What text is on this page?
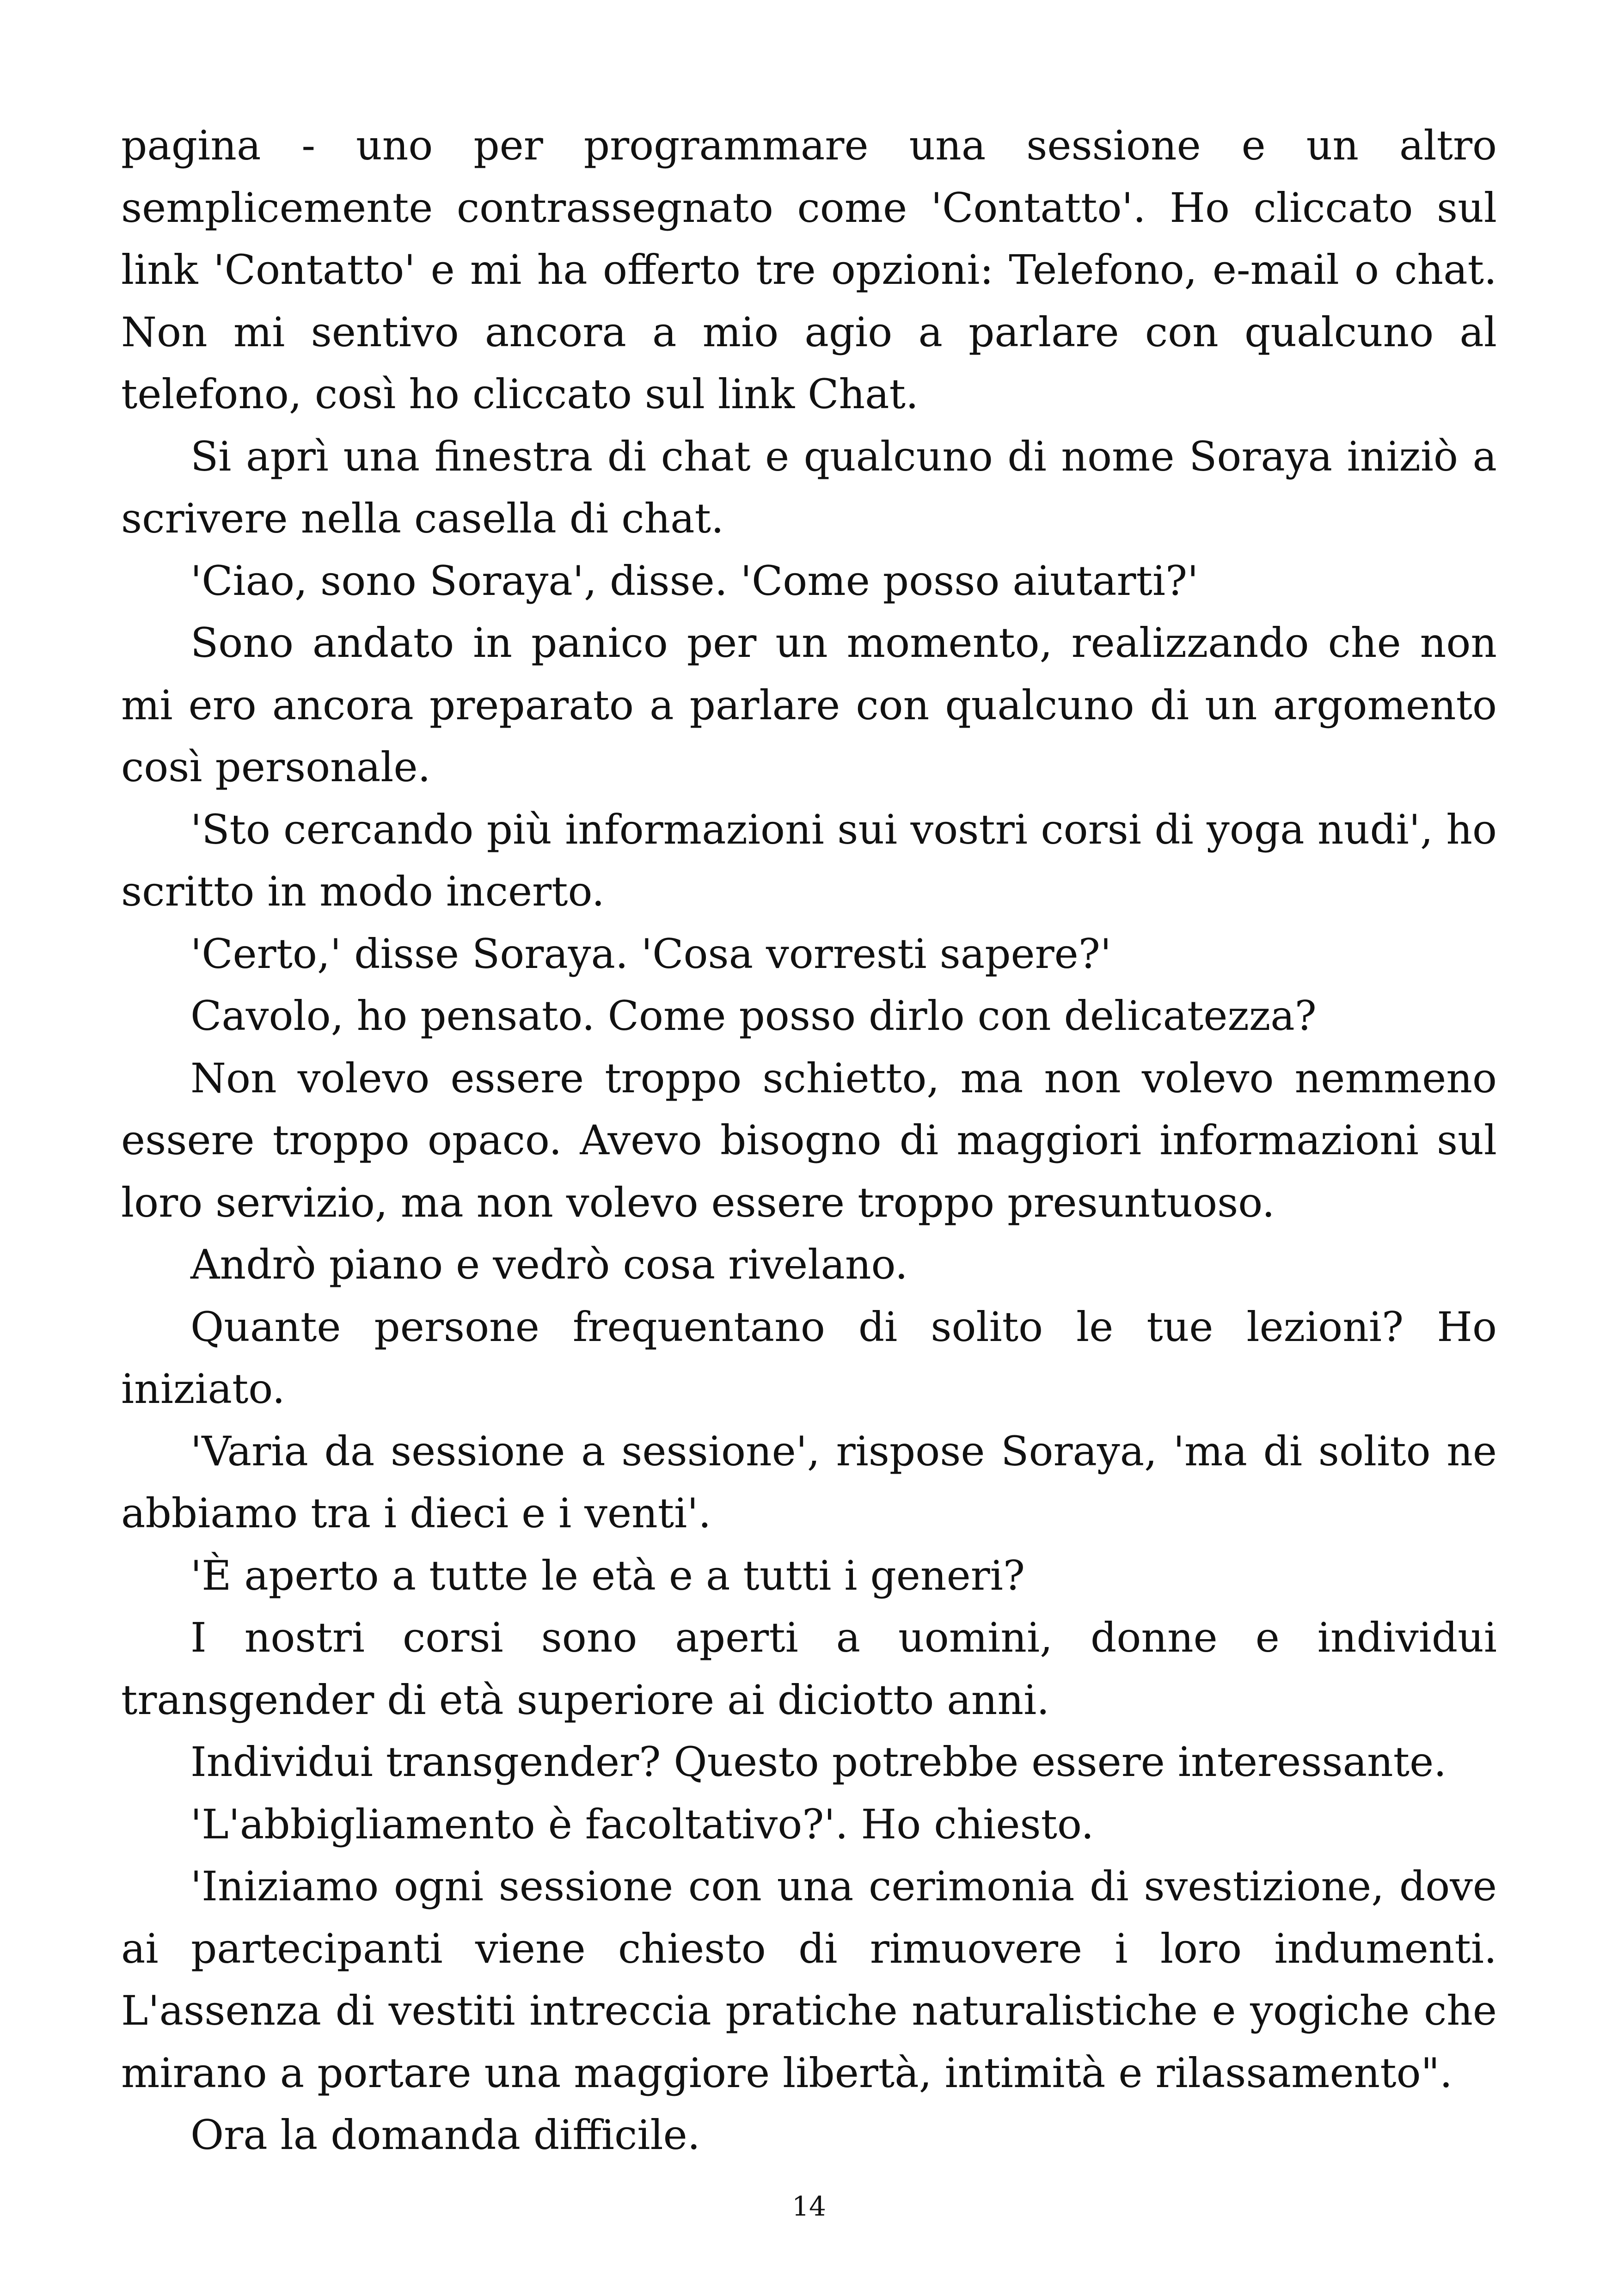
pagina - uno per programmare una sessione e un altro semplicemente contrassegnato come 'Contatto'. Ho cliccato sul link 'Contatto' e mi ha offerto tre opzioni: Telefono, e-mail o chat. Non mi sentivo ancora a mio agio a parlare con qualcuno al telefono, così ho cliccato sul link Chat.

Si aprì una finestra di chat e qualcuno di nome Soraya iniziò a scrivere nella casella di chat.

'Ciao, sono Soraya', disse. 'Come posso aiutarti?'

Sono andato in panico per un momento, realizzando che non mi ero ancora preparato a parlare con qualcuno di un argomento così personale.

'Sto cercando più informazioni sui vostri corsi di yoga nudi', ho scritto in modo incerto.

'Certo,' disse Soraya. 'Cosa vorresti sapere?'

Cavolo, ho pensato. Come posso dirlo con delicatezza?

Non volevo essere troppo schietto, ma non volevo nemmeno essere troppo opaco. Avevo bisogno di maggiori informazioni sul loro servizio, ma non volevo essere troppo presuntuoso.

Andrò piano e vedrò cosa rivelano.

Quante persone frequentano di solito le tue lezioni? Ho iniziato.

'Varia da sessione a sessione', rispose Soraya, 'ma di solito ne abbiamo tra i dieci e i venti'.

'È aperto a tutte le età e a tutti i generi?

I nostri corsi sono aperti a uomini, donne e individui transgender di età superiore ai diciotto anni.

Individui transgender? Questo potrebbe essere interessante.

'L'abbigliamento è facoltativo?'. Ho chiesto.

'Iniziamo ogni sessione con una cerimonia di svestizione, dove ai partecipanti viene chiesto di rimuovere i loro indumenti. L'assenza di vestiti intreccia pratiche naturalistiche e yogiche che mirano a portare una maggiore libertà, intimità e rilassamento".

Ora la domanda difficile.

14
